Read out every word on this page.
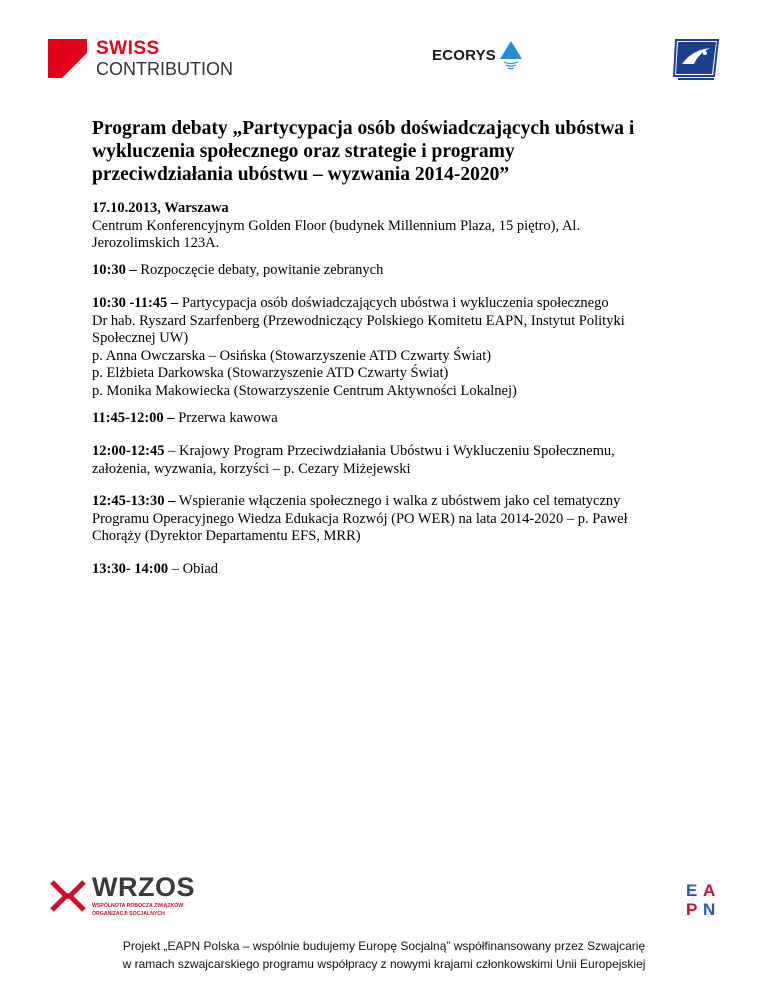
SWISS
CONTRIBUTION
ECORYS
Program debaty „Partycypacja osób doświadczających ubóstwa i
wykluczenia społecznego oraz strategie i programy
przeciwdziałania ubóstwu – wyzwania 2014-2020”

17.10.2013, Warszawa
Centrum Konferencyjnym Golden Floor (budynek Millennium Plaza, 15 piętro), Al.
Jerozolimskich 123A.

10:30 – Rozpoczęcie debaty, powitanie zebranych

10:30 -11:45 – Partycypacja osób doświadczających ubóstwa i wykluczenia społecznego
Dr hab. Ryszard Szarfenberg (Przewodniczący Polskiego Komitetu EAPN, Instytut Polityki
Społecznej UW)
p. Anna Owczarska – Osińska (Stowarzyszenie ATD Czwarty Świat)
p. Elżbieta Darkowska (Stowarzyszenie ATD Czwarty Świat)
p. Monika Makowiecka (Stowarzyszenie Centrum Aktywności Lokalnej)

11:45-12:00 – Przerwa kawowa

12:00-12:45 – Krajowy Program Przeciwdziałania Ubóstwu i Wykluczeniu Społecznemu,
założenia, wyzwania, korzyści – p. Cezary Miżejewski

12:45-13:30 – Wspieranie włączenia społecznego i walka z ubóstwem jako cel tematyczny
Programu Operacyjnego Wiedza Edukacja Rozwój (PO WER) na lata 2014-2020 – p. Paweł
Chorąży (Dyrektor Departamentu EFS, MRR)

13:30- 14:00 – Obiad

WRZOS
WSPÓLNOTA ROBOCZA ZWIĄZKÓW
ORGANIZACJI SOCJALNYCH
E A
P N
Projekt „EAPN Polska – wspólnie budujemy Europę Socjalną” współfinansowany przez Szwajcarię
w ramach szwajcarskiego programu współpracy z nowymi krajami członkowskimi Unii Europejskiej
